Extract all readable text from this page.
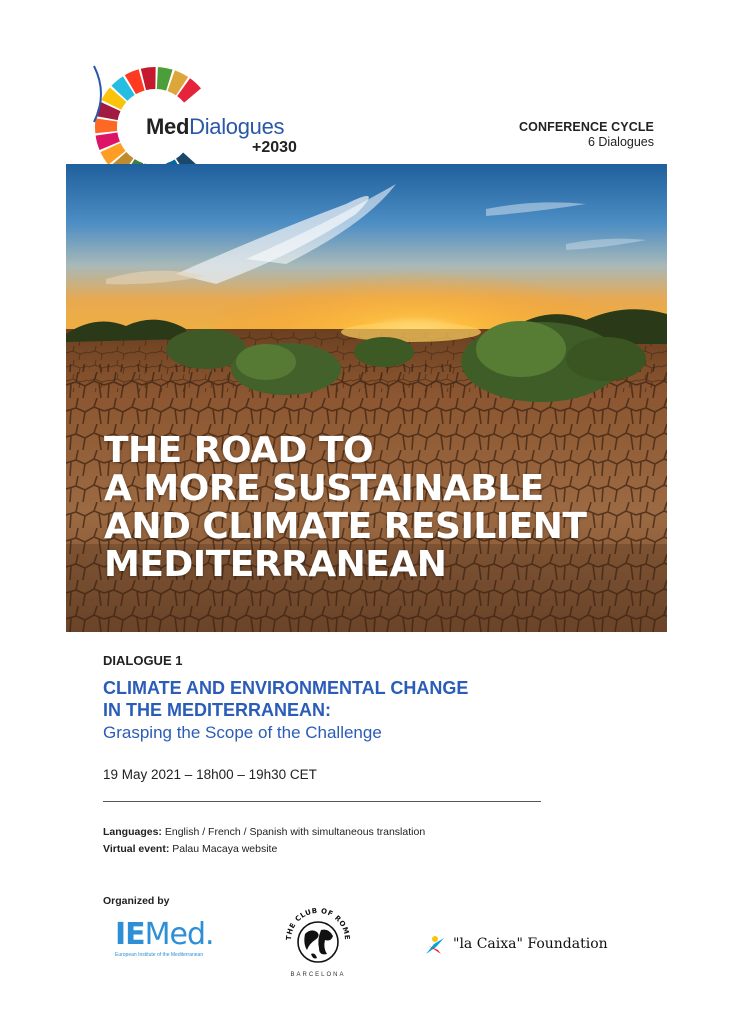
MedDialogues
+2030
CONFERENCE CYCLE
6 Dialogues
THE ROAD TO
A MORE SUSTAINABLE
AND CLIMATE RESILIENT
MEDITERRANEAN
DIALOGUE 1
CLIMATE AND ENVIRONMENTAL CHANGE
IN THE MEDITERRANEAN:
Grasping the Scope of the Challenge
19 May 2021 – 18h00 – 19h30 CET
Languages: English / French / Spanish with simultaneous translation
Virtual event: Palau Macaya website
Organized by
IEMed.
European Institute of the Mediterranean
THE CLUB OF ROME
BARCELONA
"la Caixa" Foundation
